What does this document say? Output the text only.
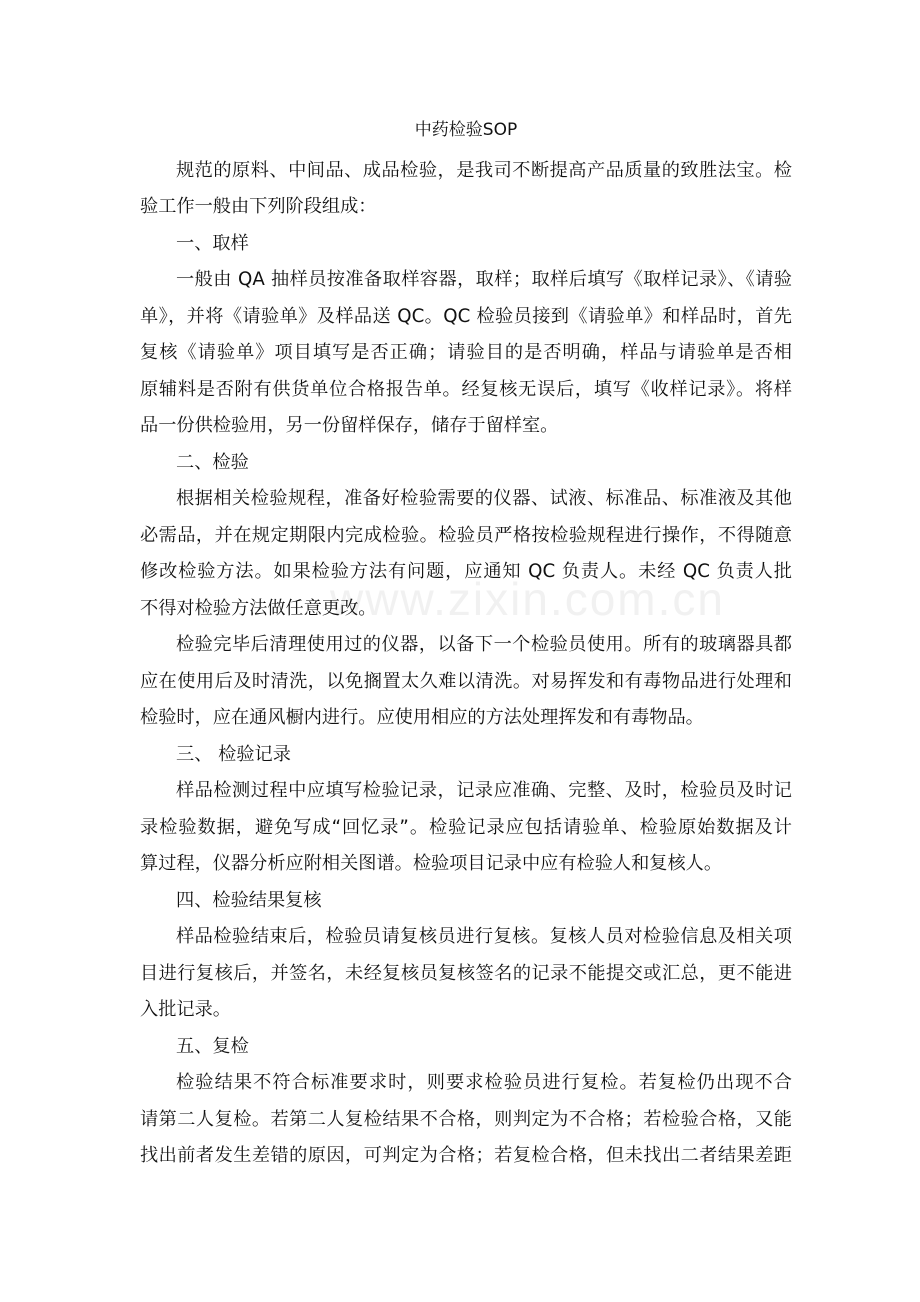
www.zixin.com.cn
中药检验SOP
规范的原料、中间品、成品检验，是我司不断提高产品质量的致胜法宝。检
验工作一般由下列阶段组成：
一、取样
一般由 QA 抽样员按准备取样容器，取样；取样后填写《取样记录》、《请验
单》，并将《请验单》及样品送 QC。QC 检验员接到《请验单》和样品时，首先
复核《请验单》项目填写是否正确；请验目的是否明确，样品与请验单是否相
原辅料是否附有供货单位合格报告单。经复核无误后，填写《收样记录》。将样
品一份供检验用，另一份留样保存，储存于留样室。
二、检验
根据相关检验规程，准备好检验需要的仪器、试液、标准品、标准液及其他
必需品，并在规定期限内完成检验。检验员严格按检验规程进行操作，不得随意
修改检验方法。如果检验方法有问题，应通知 QC 负责人。未经 QC 负责人批
不得对检验方法做任意更改。
检验完毕后清理使用过的仪器，以备下一个检验员使用。所有的玻璃器具都
应在使用后及时清洗，以免搁置太久难以清洗。对易挥发和有毒物品进行处理和
检验时，应在通风橱内进行。应使用相应的方法处理挥发和有毒物品。
三、 检验记录
样品检测过程中应填写检验记录，记录应准确、完整、及时，检验员及时记
录检验数据，避免写成“回忆录”。检验记录应包括请验单、检验原始数据及计
算过程，仪器分析应附相关图谱。检验项目记录中应有检验人和复核人。
四、检验结果复核
样品检验结束后，检验员请复核员进行复核。复核人员对检验信息及相关项
目进行复核后，并签名，未经复核员复核签名的记录不能提交或汇总，更不能进
入批记录。
五、复检
检验结果不符合标准要求时，则要求检验员进行复检。若复检仍出现不合
请第二人复检。若第二人复检结果不合格，则判定为不合格；若检验合格，又能
找出前者发生差错的原因，可判定为合格；若复检合格，但未找出二者结果差距
